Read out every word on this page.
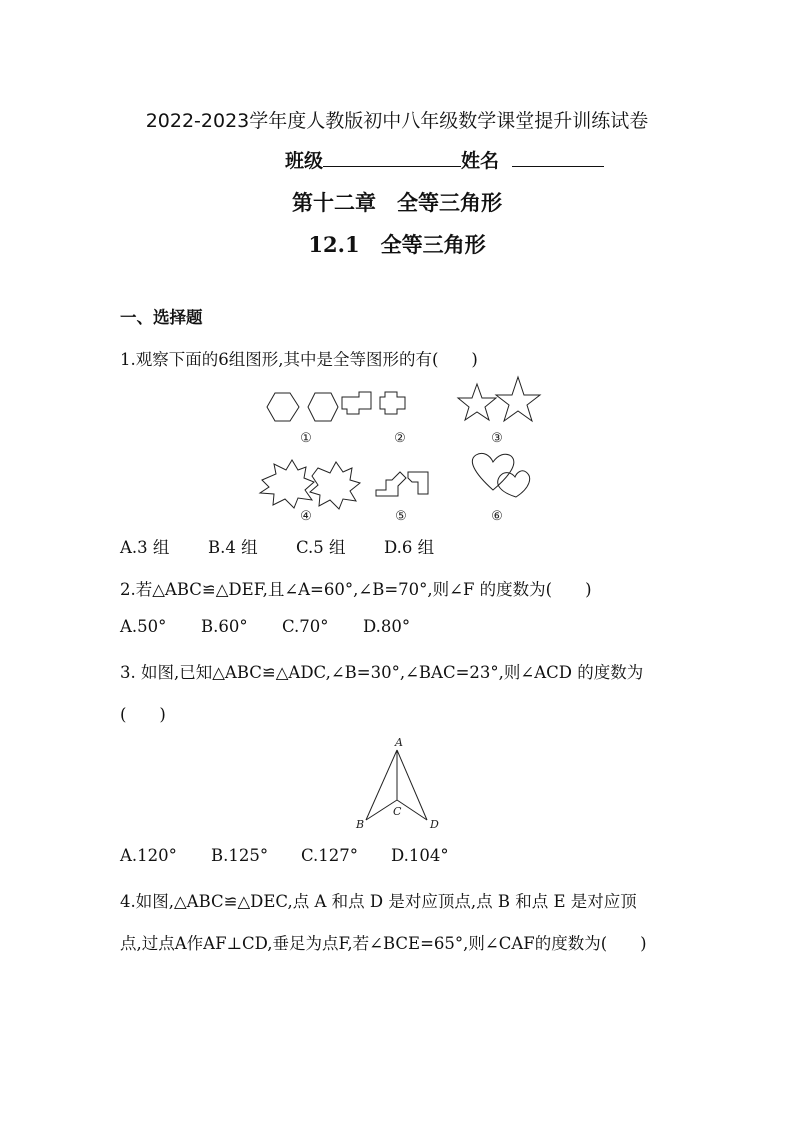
2022-2023学年度人教版初中八年级数学课堂提升训练试卷
班级	姓名
第十二章　全等三角形
12.1　全等三角形
一、选择题
1.观察下面的6组图形,其中是全等图形的有(　　)
①	②	③
④	⑤	⑥
A
B
C
D
A.3 组 B.4 组 C.5 组 D.6 组
2.若△ABC≌△DEF,且∠A=60°,∠B=70°,则∠F 的度数为(　　)
A.50° B.60° C.70° D.80°
3. 如图,已知△ABC≌△ADC,∠B=30°,∠BAC=23°,则∠ACD 的度数为
(　　)
A.120° B.125° C.127° D.104°
4.如图,△ABC≌△DEC,点 A 和点 D 是对应顶点,点 B 和点 E 是对应顶
点,过点A作AF⊥CD,垂足为点F,若∠BCE=65°,则∠CAF的度数为(　　)
